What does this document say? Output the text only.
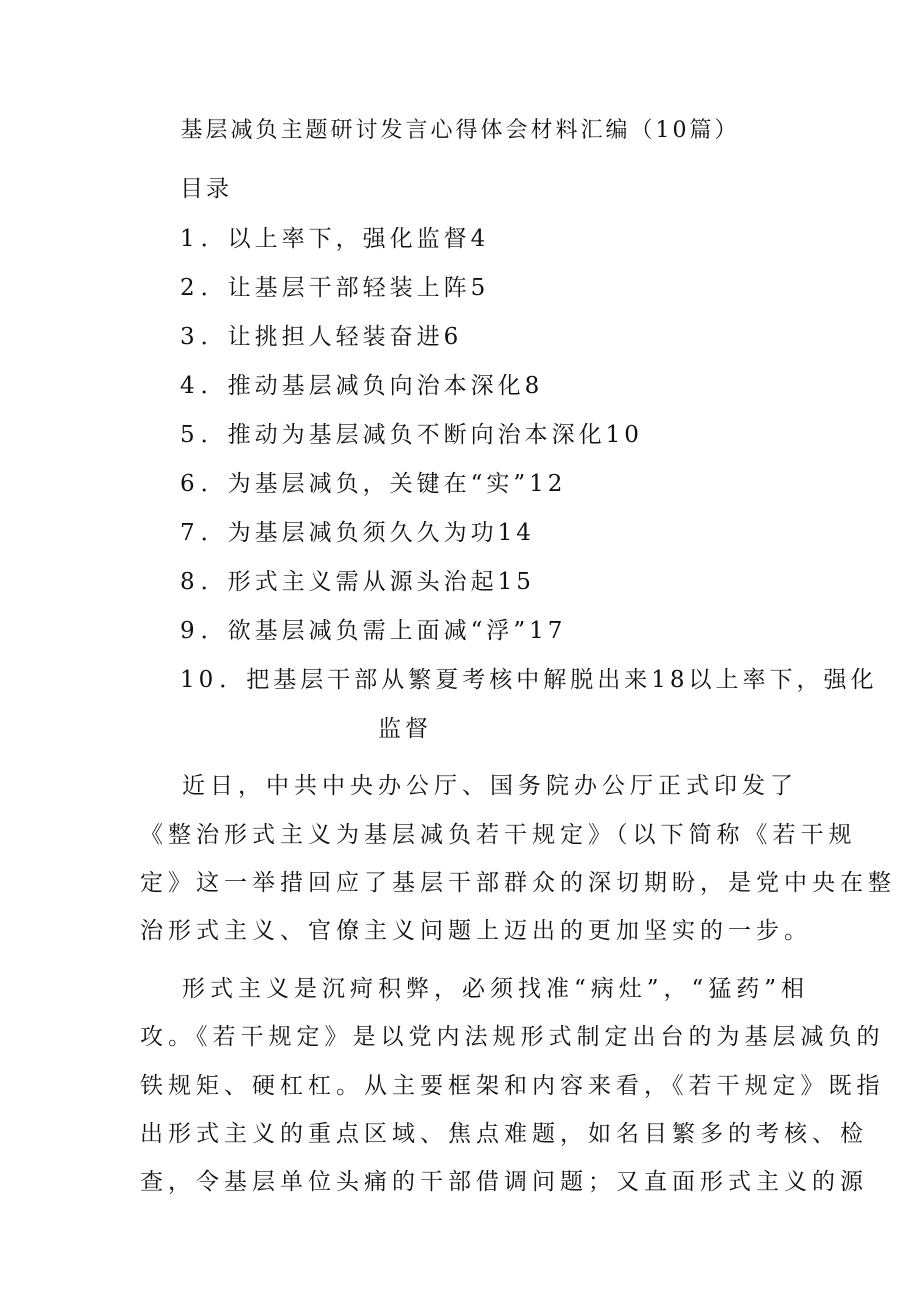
基层减负主题研讨发言心得体会材料汇编（10篇）
目录
1．以上率下，强化监督4
2．让基层干部轻装上阵5
3．让挑担人轻装奋进6
4．推动基层减负向治本深化8
5．推动为基层减负不断向治本深化10
6．为基层减负，关键在“实”12
7．为基层减负须久久为功14
8．形式主义需从源头治起15
9．欲基层减负需上面减“浮”17
10．把基层干部从繁夏考核中解脱出来18以上率下，强化
监督
近日，中共中央办公厅、国务院办公厅正式印发了
《整治形式主义为基层减负若干规定》（以下简称《若干规
定》这一举措回应了基层干部群众的深切期盼，是党中央在整
治形式主义、官僚主义问题上迈出的更加坚实的一步。
形式主义是沉疴积弊，必须找准“病灶”，“猛药”相
攻。《若干规定》是以党内法规形式制定出台的为基层减负的
铁规矩、硬杠杠。从主要框架和内容来看，《若干规定》既指
出形式主义的重点区域、焦点难题，如名目繁多的考核、检
查，令基层单位头痛的干部借调问题；又直面形式主义的源
